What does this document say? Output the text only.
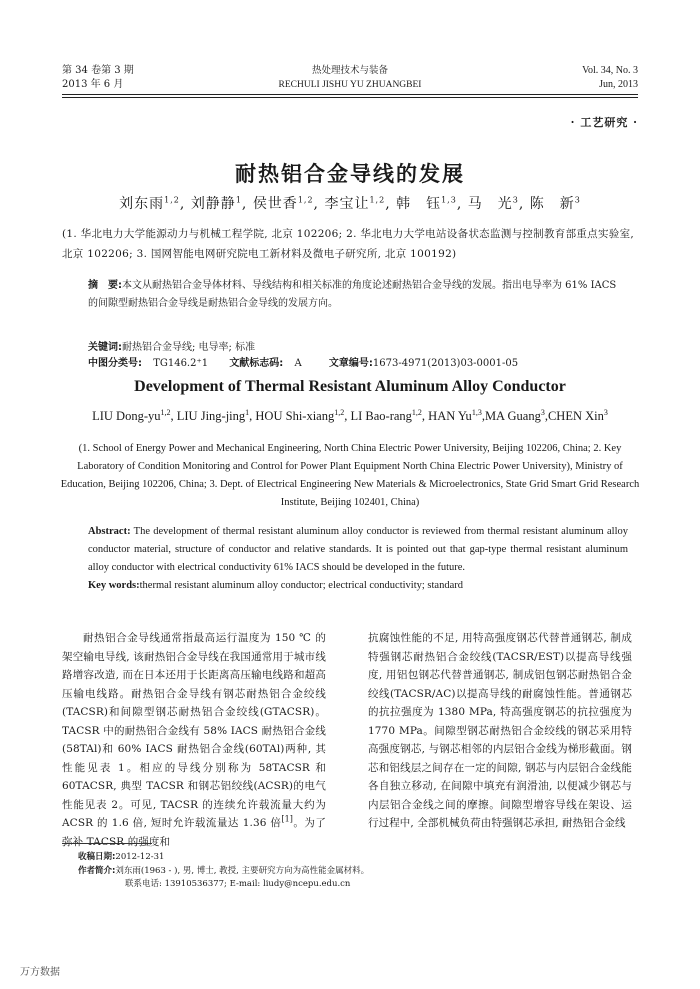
第 34 卷第 3 期
2013 年 6 月
热处理技术与装备
RECHULI JISHU YU ZHUANGBEI
Vol. 34, No. 3
Jun, 2013
· 工艺研究 ·
耐热铝合金导线的发展
刘东雨$^{1,2}$, 刘静静$^1$, 侯世香$^{1,2}$, 李宝让$^{1,2}$, 韩　钰$^{1,3}$, 马　光$^3$, 陈　新$^3$
(1. 华北电力大学能源动力与机械工程学院, 北京 102206; 2. 华北电力大学电站设备状态监测与控制教育部重点实验室, 北京 102206; 3. 国网智能电网研究院电工新材料及微电子研究所, 北京 100192)
摘　要:本文从耐热铝合金导体材料、导线结构和相关标准的角度论述耐热铝合金导线的发展。指出电导率为 61% IACS 的间隙型耐热铝合金导线是耐热铝合金导线的发展方向。
关键词:耐热铝合金导线; 电导率; 标准
中图分类号: TG146.2⁺1 文献标志码: A	文章编号:1673-4971(2013)03-0001-05
Development of Thermal Resistant Aluminum Alloy Conductor
LIU Dong-yu$^{1,2}$, LIU Jing-jing$^1$, HOU Shi-xiang$^{1,2}$, LI Bao-rang$^{1,2}$, HAN Yu$^{1,3}$,MA Guang$^3$,CHEN Xin$^3$
(1. School of Energy Power and Mechanical Engineering, North China Electric Power University, Beijing 102206, China; 2. Key Laboratory of Condition Monitoring and Control for Power Plant Equipment North China Electric Power University), Ministry of Education, Beijing 102206, China; 3. Dept. of Electrical Engineering New Materials & Microelectronics, State Grid Smart Grid Research Institute, Beijing 102401, China)
Abstract: The development of thermal resistant aluminum alloy conductor is reviewed from thermal resistant aluminum alloy conductor material, structure of conductor and relative standards. It is pointed out that gap-type thermal resistant aluminum alloy conductor with electrical conductivity 61% IACS should be developed in the future.
Key words:thermal resistant aluminum alloy conductor; electrical conductivity; standard

耐热铝合金导线通常指最高运行温度为 150 ℃ 的架空输电导线, 该耐热铝合金导线在我国通常用于城市线路增容改造, 而在日本还用于长距离高压输电线路和超高压输电线路。耐热铝合金导线有钢芯耐热铝合金绞线(TACSR)和间隙型钢芯耐热铝合金绞线(GTACSR)。TACSR 中的耐热铝合金线有 58% IACS 耐热铝合金线(58TAl)和 60% IACS 耐热铝合金线(60TAl)两种, 其性能见表 1。相应的导线分别称为 58TACSR 和 60TACSR, 典型 TACSR 和钢芯铝绞线(ACSR)的电气性能见表 2。可见, TACSR 的连续允许载流量大约为 ACSR 的 1.6 倍, 短时允许载流量达 1.36 倍[1]。为了弥补 TACSR 的强度和

抗腐蚀性能的不足, 用特高强度钢芯代替普通钢芯, 制成特强钢芯耐热铝合金绞线(TACSR/EST)以提高导线强度, 用铝包钢芯代替普通钢芯, 制成铝包钢芯耐热铝合金绞线(TACSR/AC)以提高导线的耐腐蚀性能。普通钢芯的抗拉强度为 1380 MPa, 特高强度钢芯的抗拉强度为 1770 MPa。间隙型钢芯耐热铝合金绞线的钢芯采用特高强度钢芯, 与钢芯相邻的内层铝合金线为梯形截面。钢芯和铝线层之间存在一定的间隙, 钢芯与内层铝合金线能各自独立移动, 在间隙中填充有润滑油, 以便减少钢芯与内层铝合金线之间的摩擦。间隙型增容导线在架设、运行过程中, 全部机械负荷由特强钢芯承担, 耐热铝合金线

收稿日期:2012-12-31
作者简介:刘东雨(1963 - ), 男, 博士, 教授, 主要研究方向为高性能金属材料。
联系电话: 13910536377; E-mail: liudy@ncepu.edu.cn
万方数据
